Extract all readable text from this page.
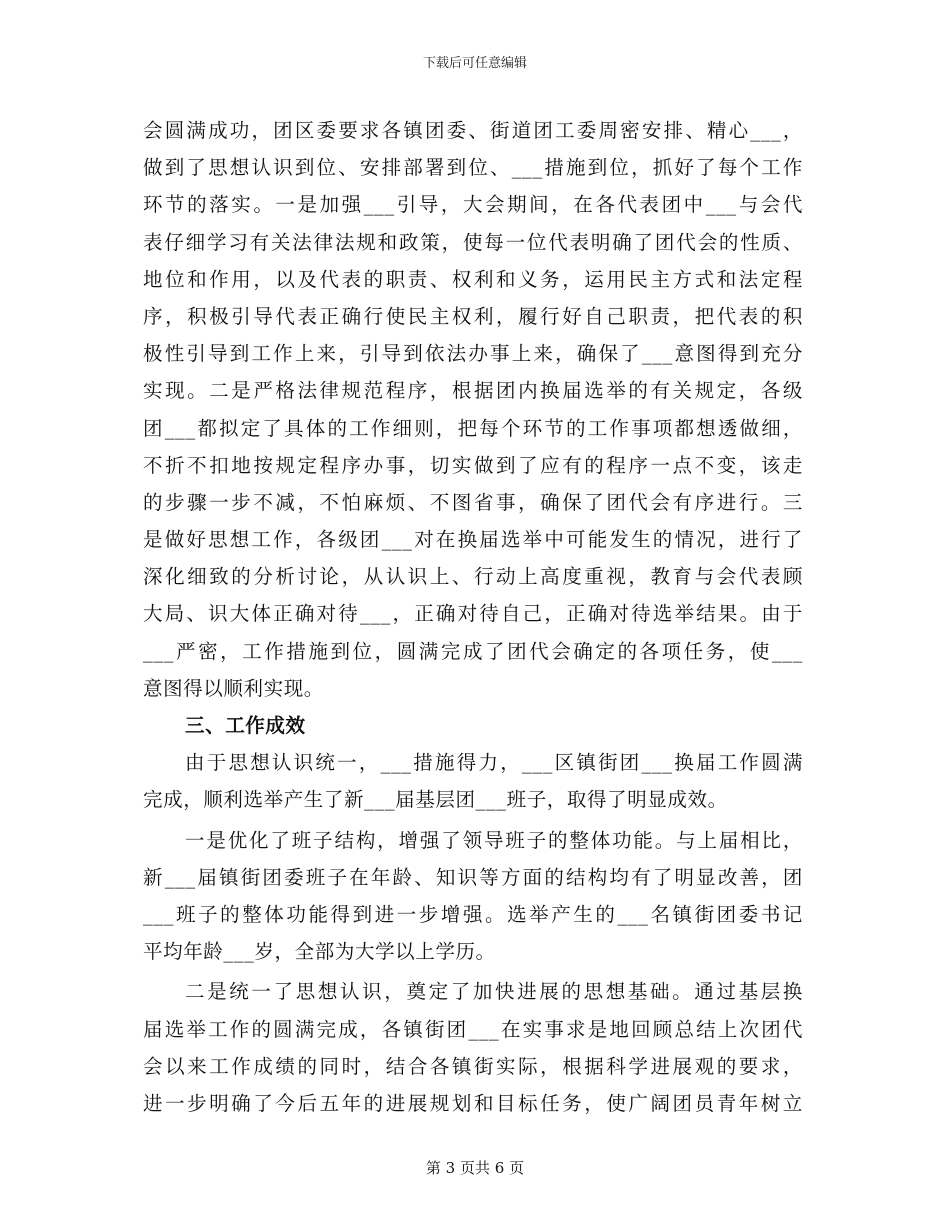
下载后可任意编辑
会圆满成功，团区委要求各镇团委、街道团工委周密安排、精心___，
做到了思想认识到位、安排部署到位、___措施到位，抓好了每个工作
环节的落实。一是加强___引导，大会期间，在各代表团中___与会代
表仔细学习有关法律法规和政策，使每一位代表明确了团代会的性质、
地位和作用，以及代表的职责、权利和义务，运用民主方式和法定程
序，积极引导代表正确行使民主权利，履行好自己职责，把代表的积
极性引导到工作上来，引导到依法办事上来，确保了___意图得到充分
实现。二是严格法律规范程序，根据团内换届选举的有关规定，各级
团___都拟定了具体的工作细则，把每个环节的工作事项都想透做细，
不折不扣地按规定程序办事，切实做到了应有的程序一点不变，该走
的步骤一步不减，不怕麻烦、不图省事，确保了团代会有序进行。三
是做好思想工作，各级团___对在换届选举中可能发生的情况，进行了
深化细致的分析讨论，从认识上、行动上高度重视，教育与会代表顾
大局、识大体正确对待___，正确对待自己，正确对待选举结果。由于
___严密，工作措施到位，圆满完成了团代会确定的各项任务，使___
意图得以顺利实现。
三、工作成效
由于思想认识统一，___措施得力，___区镇街团___换届工作圆满
完成，顺利选举产生了新___届基层团___班子，取得了明显成效。
一是优化了班子结构，增强了领导班子的整体功能。与上届相比，
新___届镇街团委班子在年龄、知识等方面的结构均有了明显改善，团
___班子的整体功能得到进一步增强。选举产生的___名镇街团委书记
平均年龄___岁，全部为大学以上学历。
二是统一了思想认识，奠定了加快进展的思想基础。通过基层换
届选举工作的圆满完成，各镇街团___在实事求是地回顾总结上次团代
会以来工作成绩的同时，结合各镇街实际，根据科学进展观的要求，
进一步明确了今后五年的进展规划和目标任务，使广阔团员青年树立
第 3 页共 6 页
